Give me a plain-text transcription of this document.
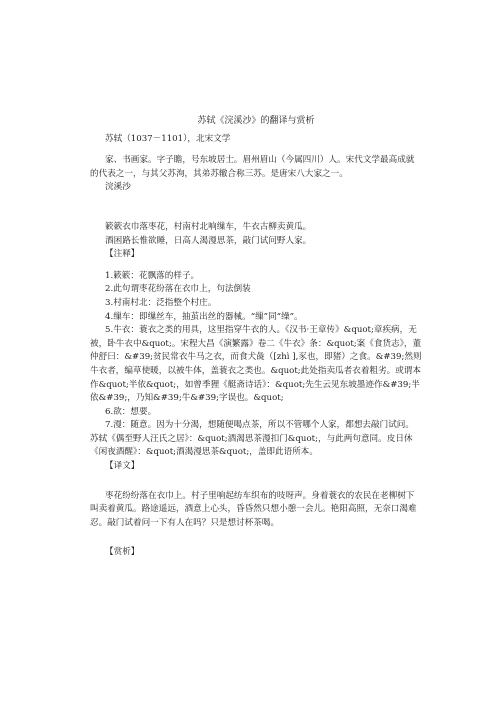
苏轼《浣溪沙》的翻译与赏析

苏轼（1037－1101），北宋文学

家、书画家。字子瞻，号东坡居士。眉州眉山（今属四川）人。宋代文学最高成就的代表之一，与其父苏洵，其弟苏辙合称三苏。是唐宋八大家之一。

浣溪沙

簌簌衣巾落枣花，村南村北响缫车，牛衣古柳卖黄瓜。

酒困路长惟欲睡，日高人渴漫思茶，敲门试问野人家。

【注释】

1.簌簌：花飘落的样子。

2.此句谓枣花纷落在衣巾上，句法倒装

3.村南村北：泛指整个村庄。

4.缫车：即缫丝车，抽茧出丝的器械。“缫”同“缲”。

5.牛衣：蓑衣之类的用具，这里指穿牛衣的人。《汉书·王章传》&quot;章疾病，无被，卧牛衣中&quot;。宋程大昌《演繁露》卷二《牛衣》条：&quot;案《食货志》，董仲舒曰：&#39;贫民常衣牛马之衣，而食犬彘（[zhì ],豕也，即猪）之食。&#39;然则牛衣者，编草使暖，以被牛体，盖蓑衣之类也。&quot;此处指卖瓜者衣着粗劣。或谓本作&quot;半依&quot;，如曾季狸《艇斋诗话》：&quot;先生云见东坡墨迹作&#39;半依&#39;，乃知&#39;牛&#39;字误也。&quot;

6.欲：想要。

7.漫：随意。因为十分渴，想随便喝点茶，所以不管哪个人家，都想去敲门试问。苏轼《偶至野人汪氏之居》：&quot;酒渴思茶漫扣门&quot;，与此两句意同。皮日休《闲夜酒醒》：&quot;酒渴漫思茶&quot;，盖即此语所本。

【译文】

枣花纷纷落在衣巾上。村子里响起纺车织布的吱呀声。身着蓑衣的农民在老柳树下叫卖着黄瓜。路途遥远，酒意上心头，昏昏然只想小憩一会儿。艳阳高照，无奈口渴难忍。敲门试着问一下有人在吗？只是想讨杯茶喝。

【赏析】
